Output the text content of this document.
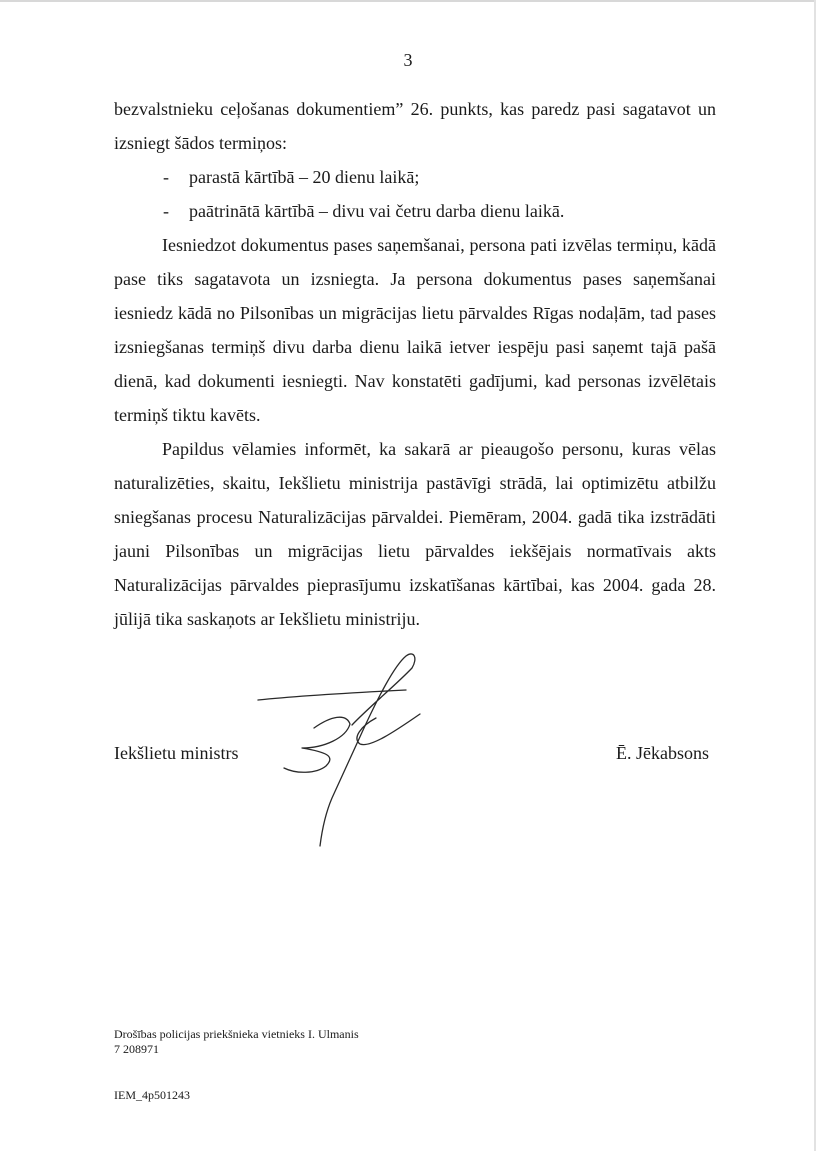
3

bezvalstnieku ceļošanas dokumentiem” 26. punkts, kas paredz pasi sagatavot un izsniegt šādos termiņos:

- parastā kārtībā – 20 dienu laikā;
- paātrinātā kārtībā – divu vai četru darba dienu laikā.

Iesniedzot dokumentus pases saņemšanai, persona pati izvēlas termiņu, kādā pase tiks sagatavota un izsniegta. Ja persona dokumentus pases saņemšanai iesniedz kādā no Pilsonības un migrācijas lietu pārvaldes Rīgas nodaļām, tad pases izsniegšanas termiņš divu darba dienu laikā ietver iespēju pasi saņemt tajā pašā dienā, kad dokumenti iesniegti. Nav konstatēti gadījumi, kad personas izvēlētais termiņš tiktu kavēts.

Papildus vēlamies informēt, ka sakarā ar pieaugošo personu, kuras vēlas naturalizēties, skaitu, Iekšlietu ministrija pastāvīgi strādā, lai optimizētu atbilžu sniegšanas procesu Naturalizācijas pārvaldei. Piemēram, 2004. gadā tika izstrādāti jauni Pilsonības un migrācijas lietu pārvaldes iekšējais normatīvais akts Naturalizācijas pārvaldes pieprasījumu izskatīšanas kārtībai, kas 2004. gada 28. jūlijā tika saskaņots ar Iekšlietu ministriju.

Iekšlietu ministrs	Ē. Jēkabsons
Drošības policijas priekšnieka vietnieks I. Ulmanis
7 208971
IEM_4p501243
